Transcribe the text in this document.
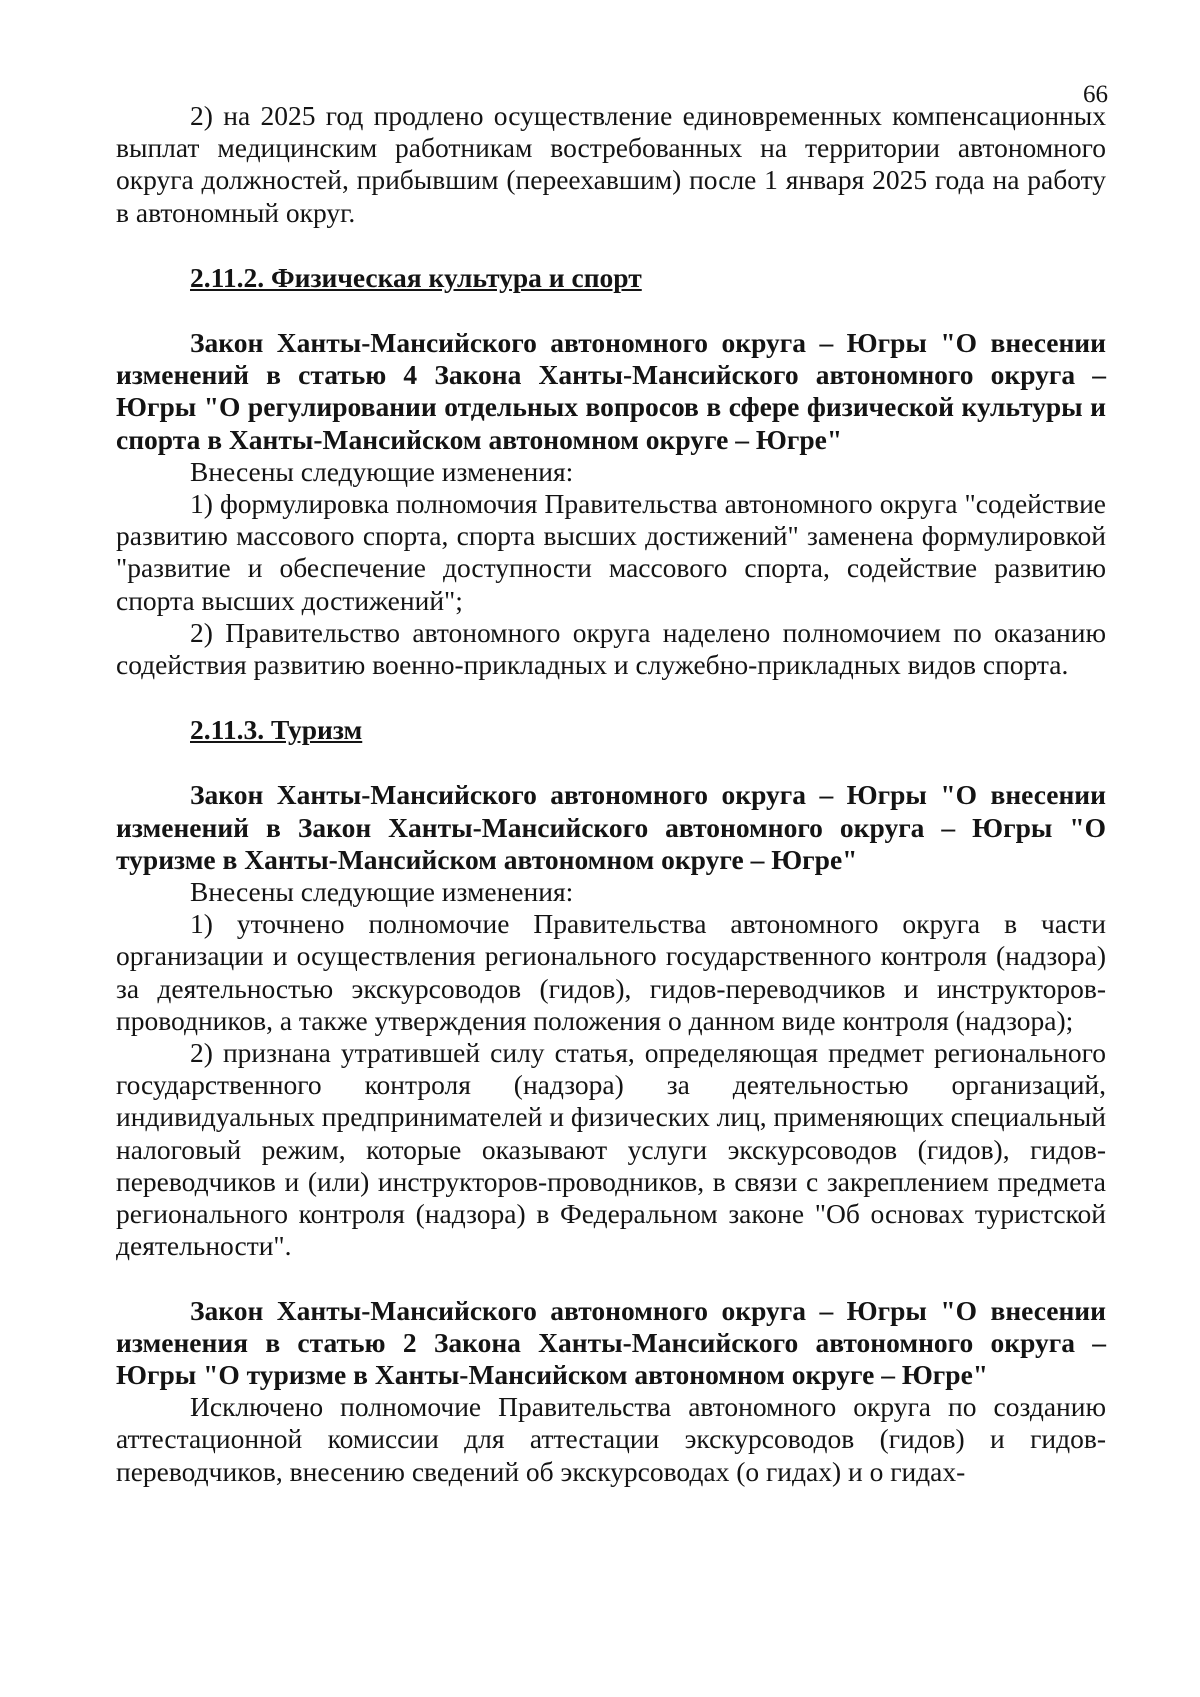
66

2) на 2025 год продлено осуществление единовременных компенсационных выплат медицинским работникам востребованных на территории автономного округа должностей, прибывшим (переехавшим) после 1 января 2025 года на работу в автономный округ.

2.11.2. Физическая культура и спорт

Закон Ханты-Мансийского автономного округа – Югры "О внесении изменений в статью 4 Закона Ханты-Мансийского автономного округа – Югры "О регулировании отдельных вопросов в сфере физической культуры и спорта в Ханты-Мансийском автономном округе – Югре"

Внесены следующие изменения:

1) формулировка полномочия Правительства автономного округа "содействие развитию массового спорта, спорта высших достижений" заменена формулировкой "развитие и обеспечение доступности массового спорта, содействие развитию спорта высших достижений";

2) Правительство автономного округа наделено полномочием по оказанию содействия развитию военно-прикладных и служебно-прикладных видов спорта.

2.11.3. Туризм

Закон Ханты-Мансийского автономного округа – Югры "О внесении изменений в Закон Ханты-Мансийского автономного округа – Югры "О туризме в Ханты-Мансийском автономном округе – Югре"

Внесены следующие изменения:

1) уточнено полномочие Правительства автономного округа в части организации и осуществления регионального государственного контроля (надзора) за деятельностью экскурсоводов (гидов), гидов-переводчиков и инструкторов-проводников, а также утверждения положения о данном виде контроля (надзора);

2) признана утратившей силу статья, определяющая предмет регионального государственного контроля (надзора) за деятельностью организаций, индивидуальных предпринимателей и физических лиц, применяющих специальный налоговый режим, которые оказывают услуги экскурсоводов (гидов), гидов-переводчиков и (или) инструкторов-проводников, в связи с закреплением предмета регионального контроля (надзора) в Федеральном законе "Об основах туристской деятельности".

Закон Ханты-Мансийского автономного округа – Югры "О внесении изменения в статью 2 Закона Ханты-Мансийского автономного округа – Югры "О туризме в Ханты-Мансийском автономном округе – Югре"

Исключено полномочие Правительства автономного округа по созданию аттестационной комиссии для аттестации экскурсоводов (гидов) и гидов-переводчиков, внесению сведений об экскурсоводах (о гидах) и о гидах-
